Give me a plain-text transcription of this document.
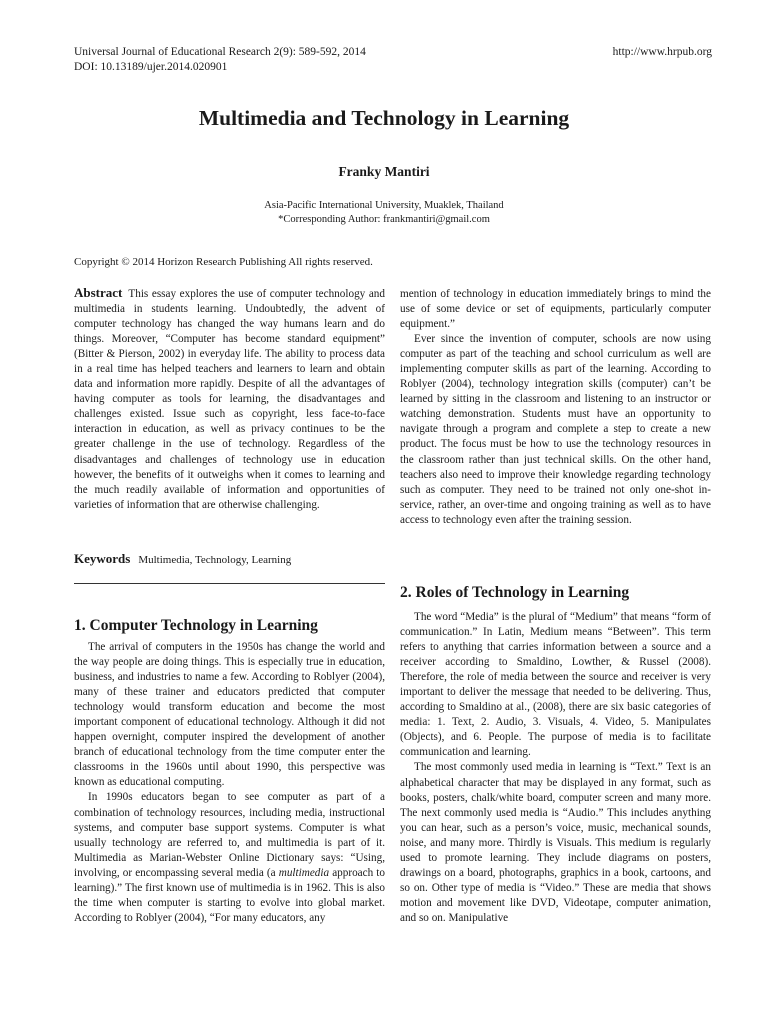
Universal Journal of Educational Research 2(9): 589-592, 2014
DOI: 10.13189/ujer.2014.020901
http://www.hrpub.org
Multimedia and Technology in Learning
Franky Mantiri
Asia-Pacific International University, Muaklek, Thailand
*Corresponding Author: frankmantiri@gmail.com
Copyright © 2014 Horizon Research Publishing All rights reserved.

Abstract This essay explores the use of computer technology and multimedia in students learning. Undoubtedly, the advent of computer technology has changed the way humans learn and do things. Moreover, “Computer has become standard equipment” (Bitter & Pierson, 2002) in everyday life. The ability to process data in a real time has helped teachers and learners to learn and obtain data and information more rapidly. Despite of all the advantages of having computer as tools for learning, the disadvantages and challenges existed. Issue such as copyright, less face-to-face interaction in education, as well as privacy continues to be the greater challenge in the use of technology. Regardless of the disadvantages and challenges of technology use in education however, the benefits of it outweighs when it comes to learning and the much readily available of information and opportunities of varieties of information that are otherwise challenging.

Keywords Multimedia, Technology, Learning

1. Computer Technology in Learning

The arrival of computers in the 1950s has change the world and the way people are doing things. This is especially true in education, business, and industries to name a few. According to Roblyer (2004), many of these trainer and educators predicted that computer technology would transform education and become the most important component of educational technology. Although it did not happen overnight, computer inspired the development of another branch of educational technology from the time computer enter the classrooms in the 1960s until about 1990, this perspective was known as educational computing.

In 1990s educators began to see computer as part of a combination of technology resources, including media, instructional systems, and computer base support systems. Computer is what usually technology are referred to, and multimedia is part of it. Multimedia as Marian-Webster Online Dictionary says: “Using, involving, or encompassing several media (a multimedia approach to learning).” The first known use of multimedia is in 1962. This is also the time when computer is starting to evolve into global market. According to Roblyer (2004), “For many educators, any

mention of technology in education immediately brings to mind the use of some device or set of equipments, particularly computer equipment.”

Ever since the invention of computer, schools are now using computer as part of the teaching and school curriculum as well are implementing computer skills as part of the learning. According to Roblyer (2004), technology integration skills (computer) can’t be learned by sitting in the classroom and listening to an instructor or watching demonstration. Students must have an opportunity to navigate through a program and complete a step to create a new product. The focus must be how to use the technology resources in the classroom rather than just technical skills. On the other hand, teachers also need to improve their knowledge regarding technology such as computer. They need to be trained not only one-shot in-service, rather, an over-time and ongoing training as well as to have access to technology even after the training session.

2. Roles of Technology in Learning

The word “Media” is the plural of “Medium” that means “form of communication.” In Latin, Medium means “Between”. This term refers to anything that carries information between a source and a receiver according to Smaldino, Lowther, & Russel (2008). Therefore, the role of media between the source and receiver is very important to deliver the message that needed to be delivering. Thus, according to Smaldino at al., (2008), there are six basic categories of media: 1. Text, 2. Audio, 3. Visuals, 4. Video, 5. Manipulates (Objects), and 6. People. The purpose of media is to facilitate communication and learning.

The most commonly used media in learning is “Text.” Text is an alphabetical character that may be displayed in any format, such as books, posters, chalk/white board, computer screen and many more. The next commonly used media is “Audio.” This includes anything you can hear, such as a person’s voice, music, mechanical sounds, noise, and many more. Thirdly is Visuals. This medium is regularly used to promote learning. They include diagrams on posters, drawings on a board, photographs, graphics in a book, cartoons, and so on. Other type of media is “Video.” These are media that shows motion and movement like DVD, Videotape, computer animation, and so on. Manipulative
